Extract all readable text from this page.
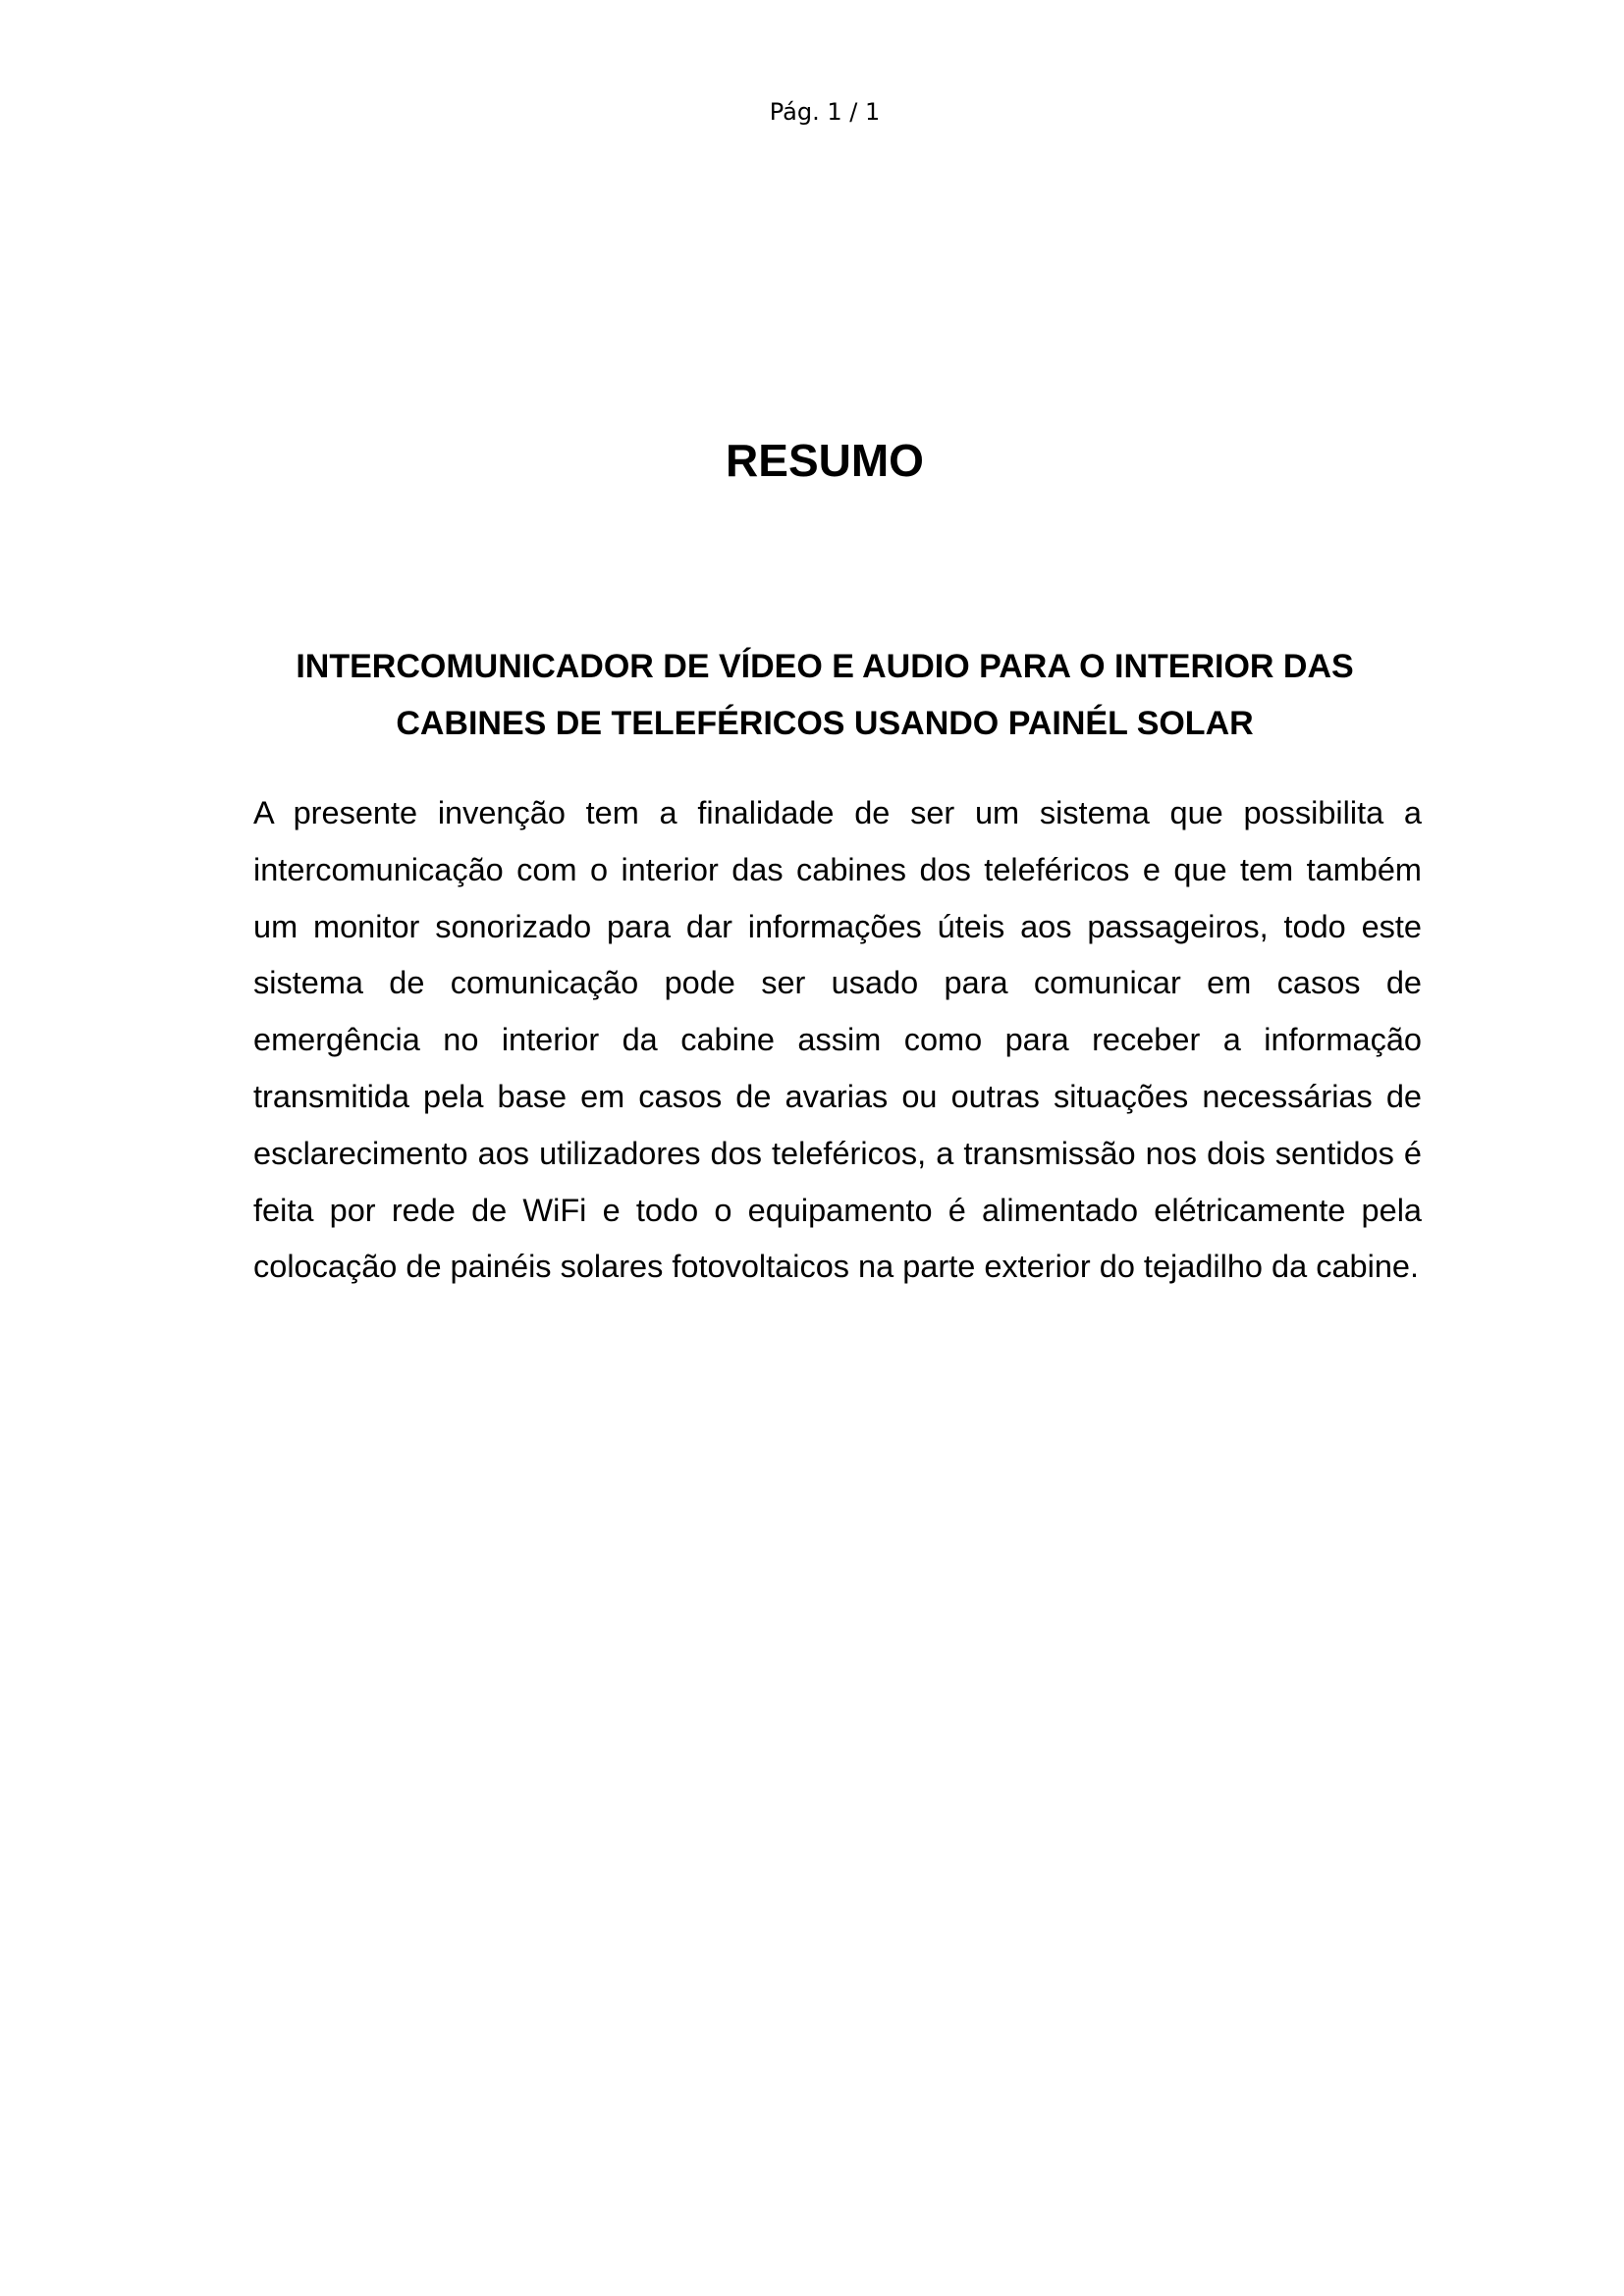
Pág. 1 / 1
RESUMO
INTERCOMUNICADOR DE VÍDEO E AUDIO PARA O INTERIOR DAS
CABINES DE TELEFÉRICOS USANDO PAINÉL SOLAR

A presente invenção tem a finalidade de ser um sistema que possibilita a intercomunicação com o interior das cabines dos teleféricos e que tem também um monitor sonorizado para dar informações úteis aos passageiros, todo este sistema de comunicação pode ser usado para comunicar em casos de emergência no interior da cabine assim como para receber a informação transmitida pela base em casos de avarias ou outras situações necessárias de esclarecimento aos utilizadores dos teleféricos, a transmissão nos dois sentidos é feita por rede de WiFi e todo o equipamento é alimentado elétricamente pela colocação de painéis solares fotovoltaicos na parte exterior do tejadilho da cabine.
